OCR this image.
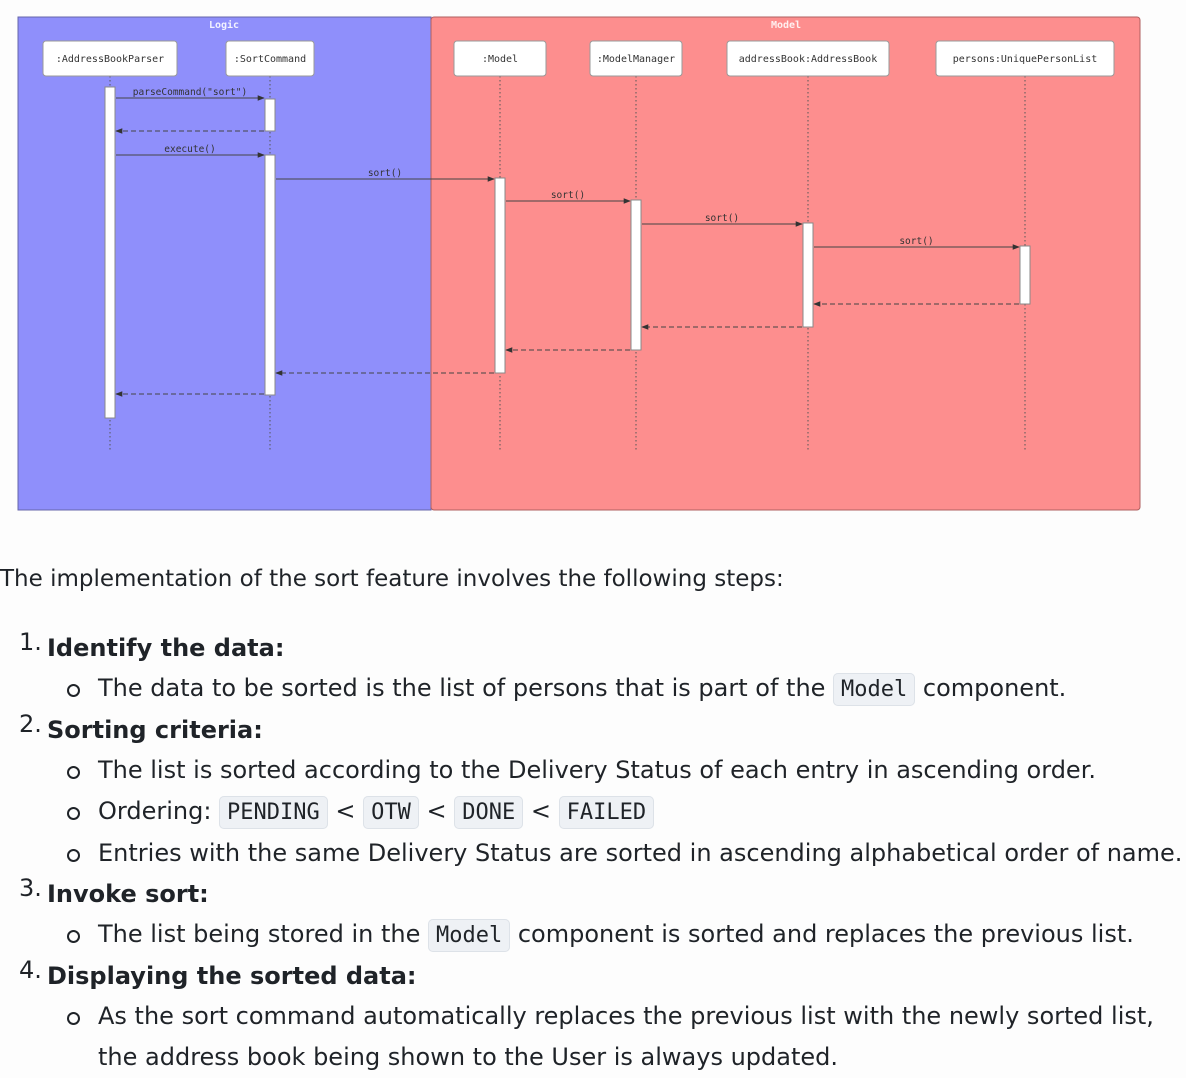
Logic	Model
:AddressBookParser	:SortCommand	:Model	:ModelManager	addressBook:AddressBook	persons:UniquePersonList
parseCommand("sort")
execute()
sort()
sort()
sort()
sort()
The implementation of the sort feature involves the following steps:
1. Identify the data:
The data to be sorted is the list of persons that is part of the Model component.
2. Sorting criteria:
The list is sorted according to the Delivery Status of each entry in ascending order.
Ordering: PENDING < OTW < DONE < FAILED
Entries with the same Delivery Status are sorted in ascending alphabetical order of name.
3. Invoke sort:
The list being stored in the Model component is sorted and replaces the previous list.
4. Displaying the sorted data:
As the sort command automatically replaces the previous list with the newly sorted list, the address book being shown to the User is always updated.
